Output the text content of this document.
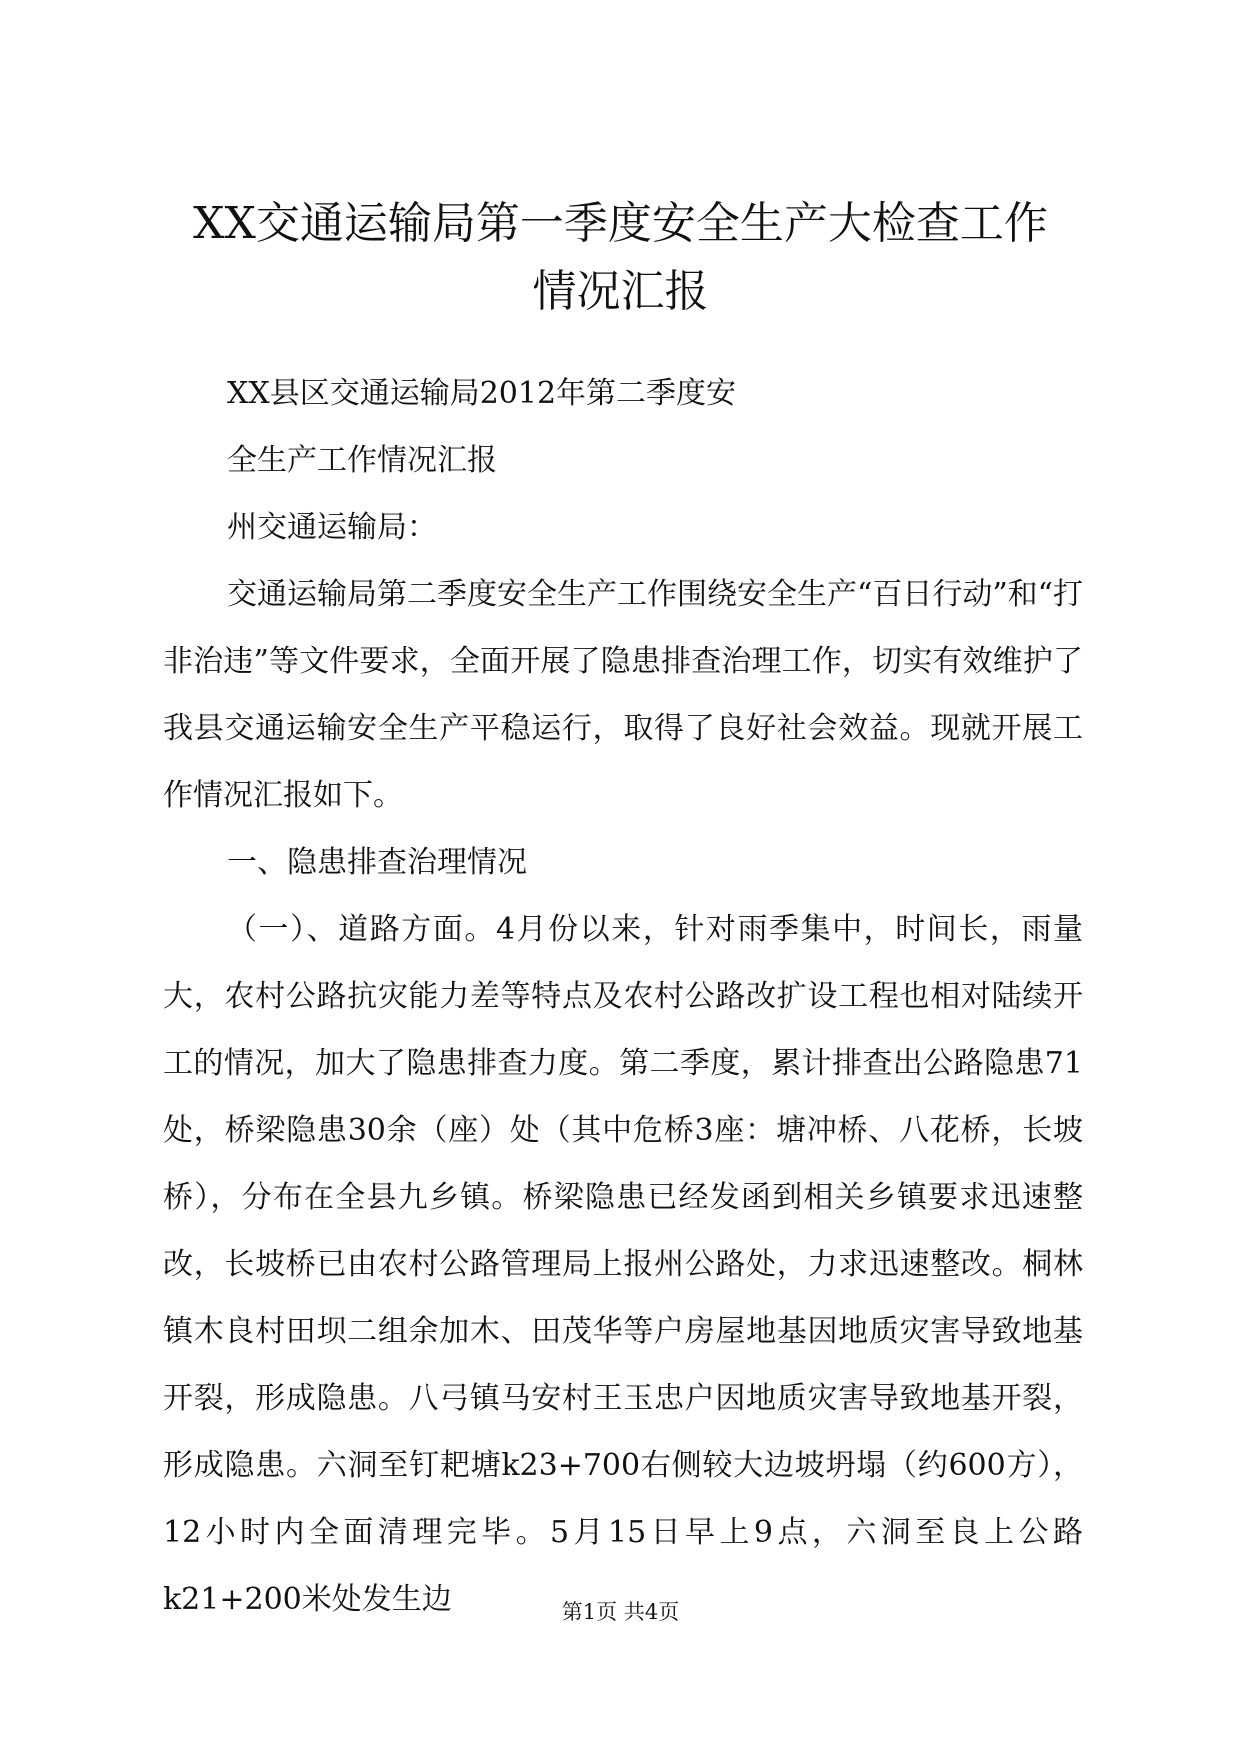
XX交通运输局第一季度安全生产大检查工作
情况汇报

XX县区交通运输局2012年第二季度安

全生产工作情况汇报

州交通运输局：

交通运输局第二季度安全生产工作围绕安全生产“百日行动”和“打非治违”等文件要求，全面开展了隐患排查治理工作，切实有效维护了我县交通运输安全生产平稳运行，取得了良好社会效益。现就开展工作情况汇报如下。

一、隐患排查治理情况

（一）、道路方面。4月份以来，针对雨季集中，时间长，雨量大，农村公路抗灾能力差等特点及农村公路改扩设工程也相对陆续开工的情况，加大了隐患排查力度。第二季度，累计排查出公路隐患71处，桥梁隐患30余（座）处（其中危桥3座：塘冲桥、八花桥，长坡桥），分布在全县九乡镇。桥梁隐患已经发函到相关乡镇要求迅速整改，长坡桥已由农村公路管理局上报州公路处，力求迅速整改。桐林镇木良村田坝二组余加木、田茂华等户房屋地基因地质灾害导致地基开裂，形成隐患。八弓镇马安村王玉忠户因地质灾害导致地基开裂，形成隐患。六洞至钉耙塘k23+700右侧较大边坡坍塌（约600方），12小时内全面清理完毕。5月15日早上9点，六洞至良上公路k21+200米处发生边	第1页 共4页
